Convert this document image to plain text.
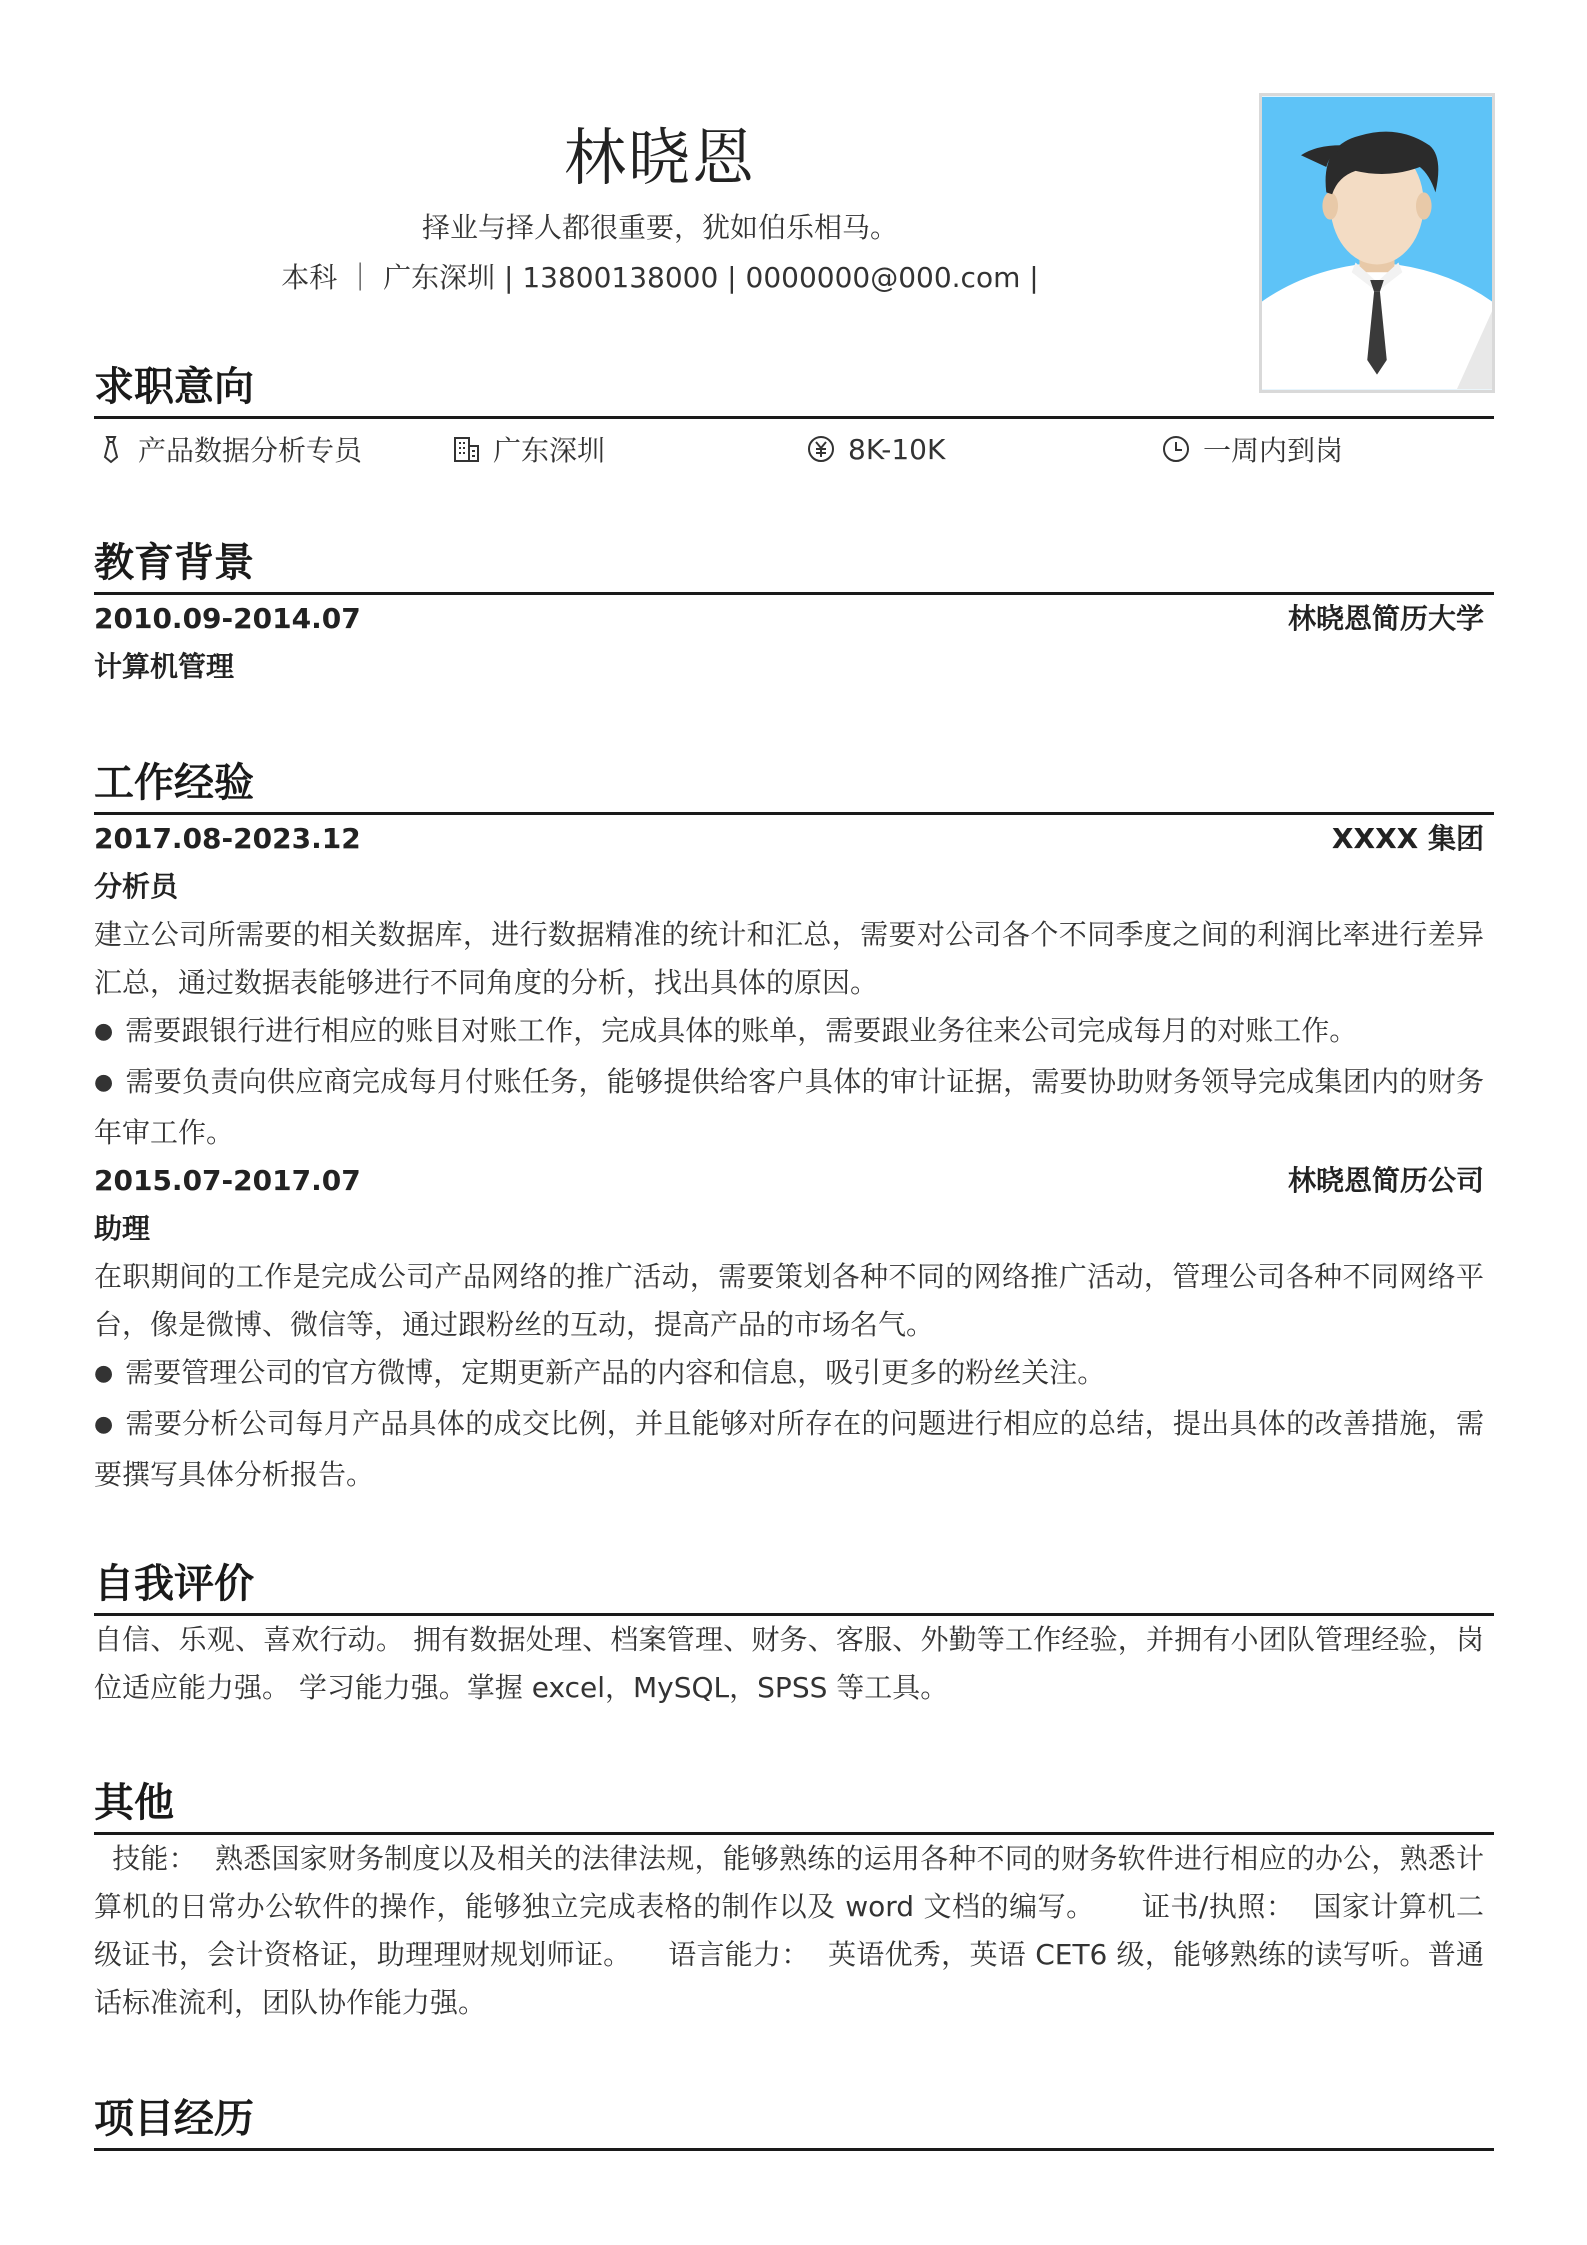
林晓恩
择业与择人都很重要，犹如伯乐相马。
本科 ｜ 广东深圳 | 13800138000 | 0000000@000.com |
求职意向
产品数据分析专员	广东深圳	8K-10K	一周内到岗
教育背景
2010.09-2014.07	林晓恩简历大学
计算机管理
工作经验
2017.08-2023.12	XXXX 集团
分析员
建立公司所需要的相关数据库，进行数据精准的统计和汇总，需要对公司各个不同季度之间的利润比率进行差异汇总，通过数据表能够进行不同角度的分析，找出具体的原因。
● 需要跟银行进行相应的账目对账工作，完成具体的账单，需要跟业务往来公司完成每月的对账工作。
● 需要负责向供应商完成每月付账任务，能够提供给客户具体的审计证据，需要协助财务领导完成集团内的财务年审工作。
2015.07-2017.07	林晓恩简历公司
助理
在职期间的工作是完成公司产品网络的推广活动，需要策划各种不同的网络推广活动，管理公司各种不同网络平台，像是微博、微信等，通过跟粉丝的互动，提高产品的市场名气。
● 需要管理公司的官方微博，定期更新产品的内容和信息，吸引更多的粉丝关注。
● 需要分析公司每月产品具体的成交比例，并且能够对所存在的问题进行相应的总结，提出具体的改善措施，需要撰写具体分析报告。
自我评价
自信、乐观、喜欢行动。 拥有数据处理、档案管理、财务、客服、外勤等工作经验，并拥有小团队管理经验，岗位适应能力强。 学习能力强。掌握 excel，MySQL，SPSS 等工具。
其他
技能：  熟悉国家财务制度以及相关的法律法规，能够熟练的运用各种不同的财务软件进行相应的办公，熟悉计算机的日常办公软件的操作，能够独立完成表格的制作以及 word 文档的编写。     证书/执照：  国家计算机二级证书，会计资格证，助理理财规划师证。    语言能力：  英语优秀，英语 CET6 级，能够熟练的读写听。普通话标准流利，团队协作能力强。
项目经历
